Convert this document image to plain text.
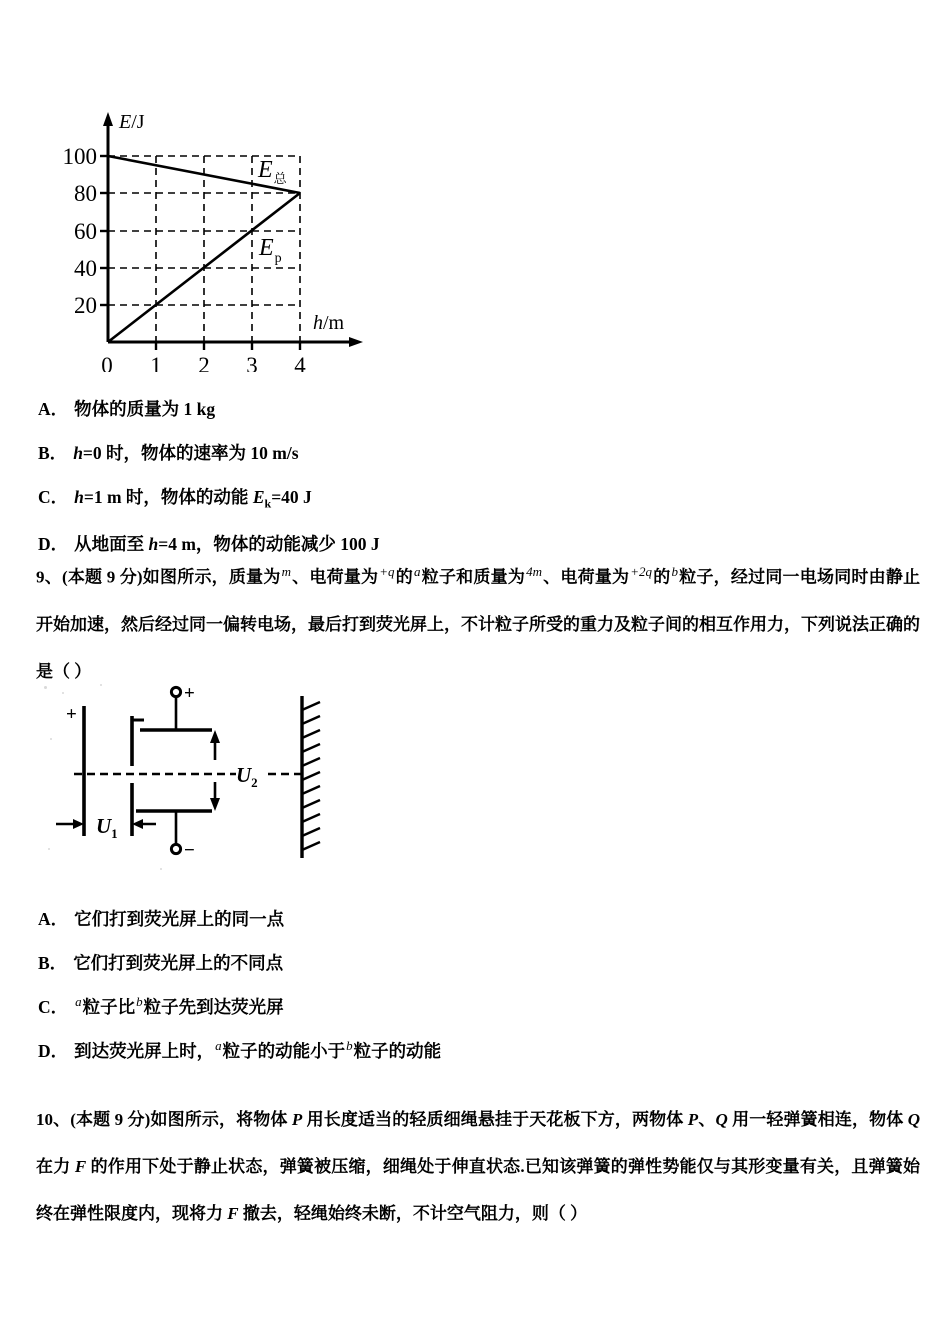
E/J
h/m
100
80
60
40
20
0 1 2 3 4
$E_总$
$E_p$
A． 物体的质量为 1 kg
B． h=0 时，物体的速率为 10 m/s
C． h=1 m 时，物体的动能 $E_k=40$ J
D． 从地面至 h=4 m，物体的动能减少 100 J
9、(本题 9 分)如图所示，质量为$^m$、电荷量为$^{+q}$的$^a$粒子和质量为$^{4m}$、电荷量为$^{+2q}$的$^b$粒子，经过同一电场同时由静止开始加速，然后经过同一偏转电场，最后打到荧光屏上，不计粒子所受的重力及粒子间的相互作用力，下列说法正确的是（ ）
+
$U_1$
+
−
$U_2$
A． 它们打到荧光屏上的同一点
B． 它们打到荧光屏上的不同点
C． $^a$粒子比$^b$粒子先到达荧光屏
D． 到达荧光屏上时，$^a$粒子的动能小于$^b$粒子的动能
10、(本题 9 分)如图所示，将物体 P 用长度适当的轻质细绳悬挂于天花板下方，两物体 P、Q 用一轻弹簧相连，物体 Q 在力 F 的作用下处于静止状态，弹簧被压缩，细绳处于伸直状态.已知该弹簧的弹性势能仅与其形变量有关，且弹簧始终在弹性限度内，现将力 F 撤去，轻绳始终未断，不计空气阻力，则（ ）
